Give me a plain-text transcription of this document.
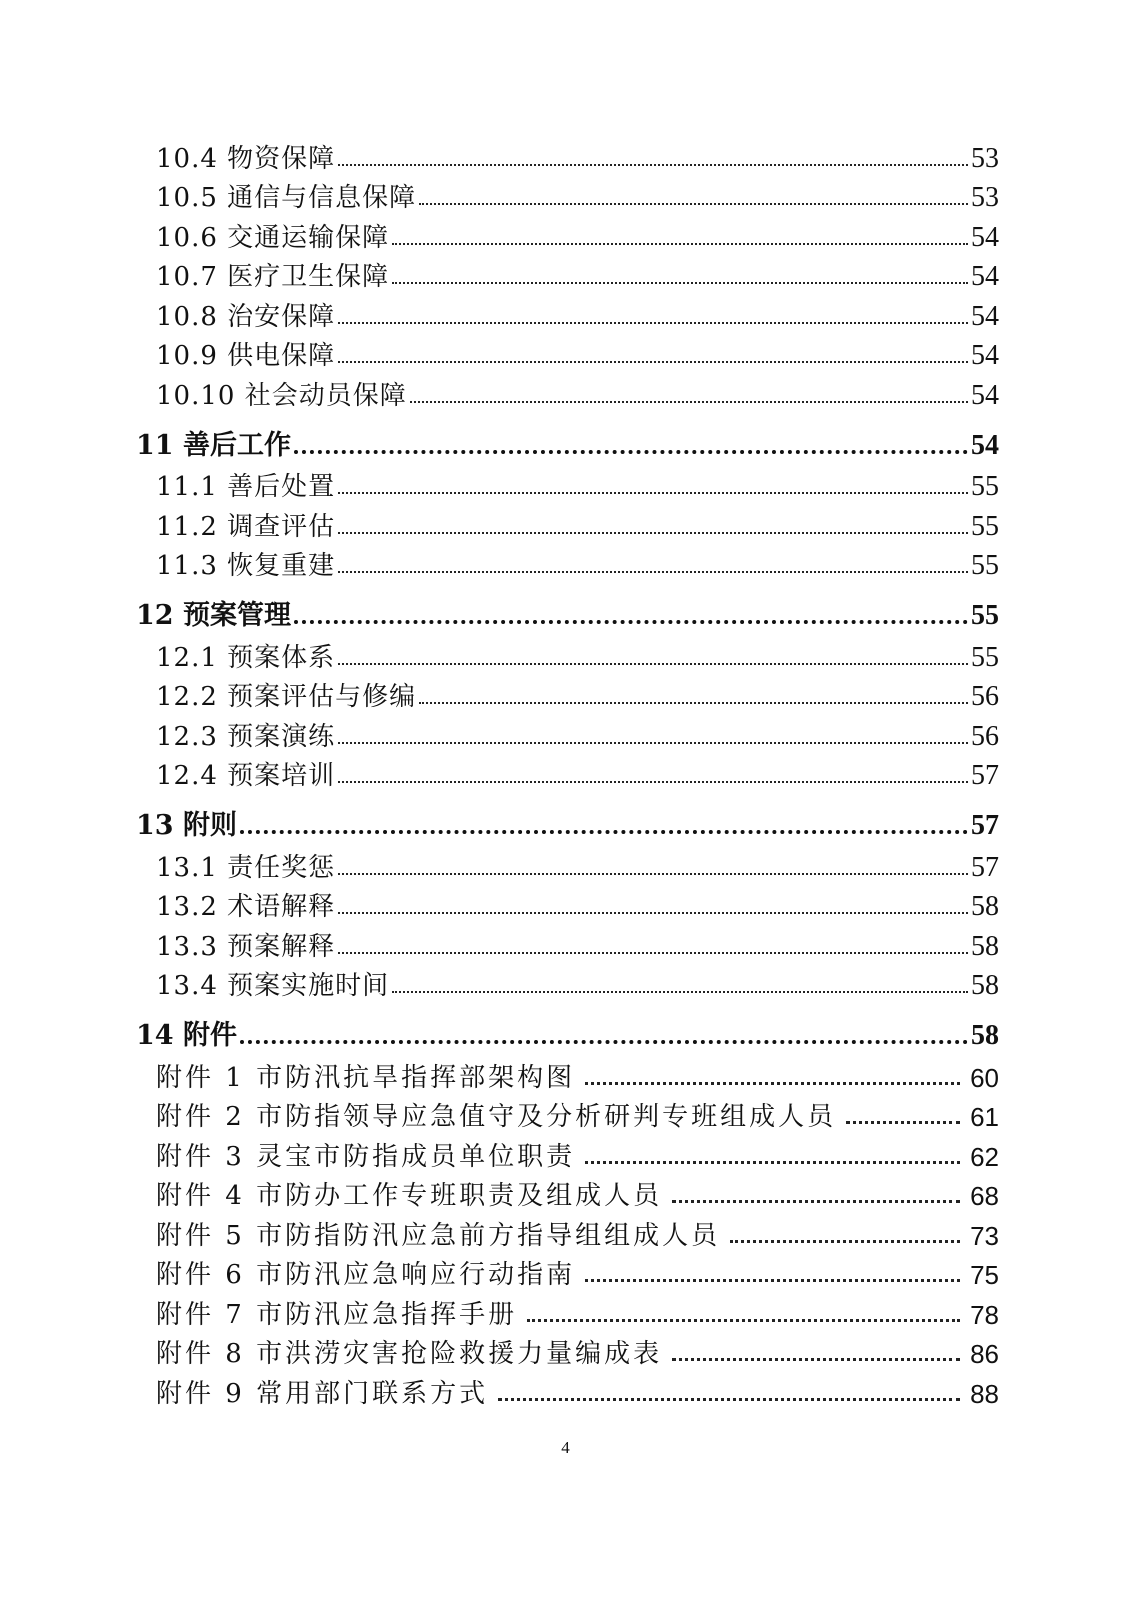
10.4 物资保障	53
10.5 通信与信息保障	53
10.6 交通运输保障	54
10.7 医疗卫生保障	54
10.8 治安保障	54
10.9 供电保障	54
10.10 社会动员保障	54
11 善后工作	54
11.1 善后处置	55
11.2 调查评估	55
11.3 恢复重建	55
12 预案管理	55
12.1 预案体系	55
12.2 预案评估与修编	56
12.3 预案演练	56
12.4 预案培训	57
13 附则	57
13.1 责任奖惩	57
13.2 术语解释	58
13.3 预案解释	58
13.4 预案实施时间	58
14 附件	58
附件 1 市防汛抗旱指挥部架构图	60
附件 2 市防指领导应急值守及分析研判专班组成人员	61
附件 3 灵宝市防指成员单位职责	62
附件 4 市防办工作专班职责及组成人员	68
附件 5 市防指防汛应急前方指导组组成人员	73
附件 6 市防汛应急响应行动指南	75
附件 7 市防汛应急指挥手册	78
附件 8 市洪涝灾害抢险救援力量编成表	86
附件 9 常用部门联系方式	88
4
